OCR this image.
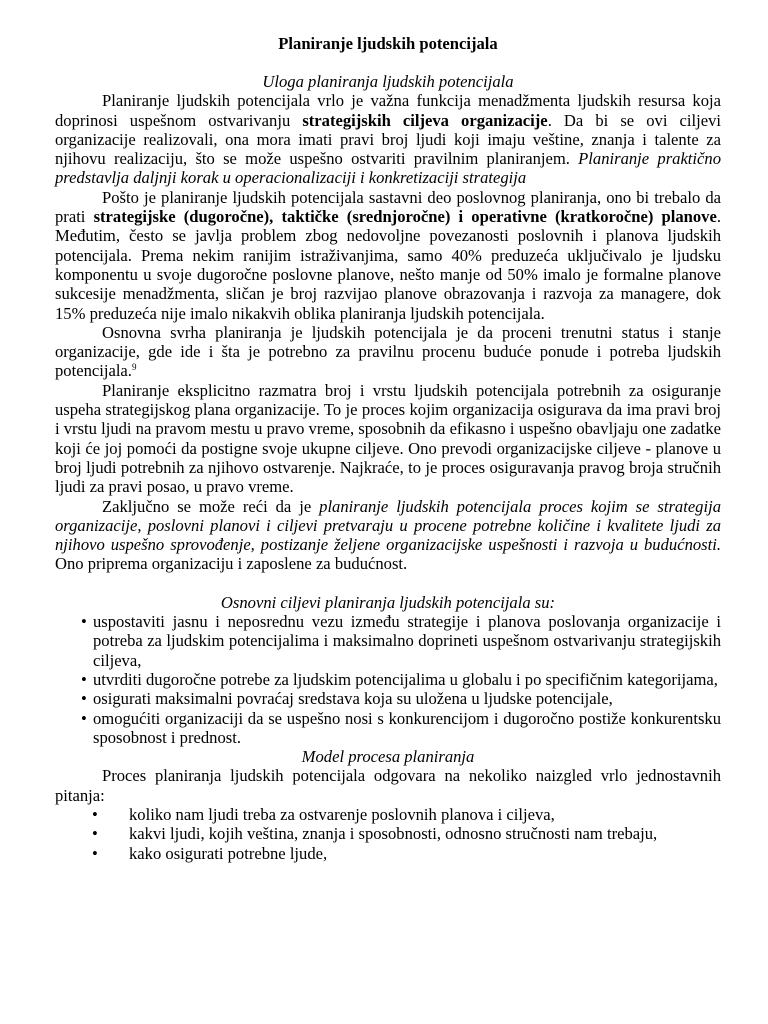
Planiranje ljudskih potencijala
Uloga planiranja ljudskih potencijala

Planiranje ljudskih potencijala vrlo je važna funkcija menadžmenta ljudskih resursa koja doprinosi uspešnom ostvarivanju strategijskih ciljeva organizacije. Da bi se ovi ciljevi organizacije realizovali, ona mora imati pravi broj ljudi koji imaju veštine, znanja i talente za njihovu realizaciju, što se može uspešno ostvariti pravilnim planiranjem. Planiranje praktično predstavlja daljnji korak u operacionalizaciji i konkretizaciji strategija

Pošto je planiranje ljudskih potencijala sastavni deo poslovnog planiranja, ono bi trebalo da prati strategijske (dugoročne), taktičke (srednjoročne) i operativne (kratkoročne) planove. Međutim, često se javlja problem zbog nedovoljne povezanosti poslovnih i planova ljudskih potencijala. Prema nekim ranijim istraživanjima, samo 40% preduzeća uključivalo je ljudsku komponentu u svoje dugoročne poslovne planove, nešto manje od 50% imalo je formalne planove sukcesije menadžmenta, sličan je broj razvijao planove obrazovanja i razvoja za managere, dok 15% preduzeća nije imalo nikakvih oblika planiranja ljudskih potencijala.

Osnovna svrha planiranja je ljudskih potencijala je da proceni trenutni status i stanje organizacije, gde ide i šta je potrebno za pravilnu procenu buduće ponude i potreba ljudskih potencijala.$^9$

Planiranje eksplicitno razmatra broj i vrstu ljudskih potencijala potrebnih za osiguranje uspeha strategijskog plana organizacije. To je proces kojim organizacija osigurava da ima pravi broj i vrstu ljudi na pravom mestu u pravo vreme, sposobnih da efikasno i uspešno obavljaju one zadatke koji će joj pomoći da postigne svoje ukupne ciljeve. Ono prevodi organizacijske ciljeve - planove u broj ljudi potrebnih za njihovo ostvarenje. Najkraće, to je proces osiguravanja pravog broja stručnih ljudi za pravi posao, u pravo vreme.

Zaključno se može reći da je planiranje ljudskih potencijala proces kojim se strategija organizacije, poslovni planovi i ciljevi pretvaraju u procene potrebne količine i kvalitete ljudi za njihovo uspešno sprovođenje, postizanje željene organizacijske uspešnosti i razvoja u budućnosti. Ono priprema organizaciju i zaposlene za budućnost.

Osnovni ciljevi planiranja ljudskih potencijala su:
• uspostaviti jasnu i neposrednu vezu između strategije i planova poslovanja organizacije i potreba za ljudskim potencijalima i maksimalno doprineti uspešnom ostvarivanju strategijskih ciljeva,
• utvrditi dugoročne potrebe za ljudskim potencijalima u globalu i po specifičnim kategorijama,
• osigurati maksimalni povraćaj sredstava koja su uložena u ljudske potencijale,
• omogućiti organizaciji da se uspešno nosi s konkurencijom i dugoročno postiže konkurentsku sposobnost i prednost.
Model procesa planiranja

Proces planiranja ljudskih potencijala odgovara na nekoliko naizgled vrlo jednostavnih pitanja:

• koliko nam ljudi treba za ostvarenje poslovnih planova i ciljeva,
• kakvi ljudi, kojih veština, znanja i sposobnosti, odnosno stručnosti nam trebaju,
• kako osigurati potrebne ljude,
